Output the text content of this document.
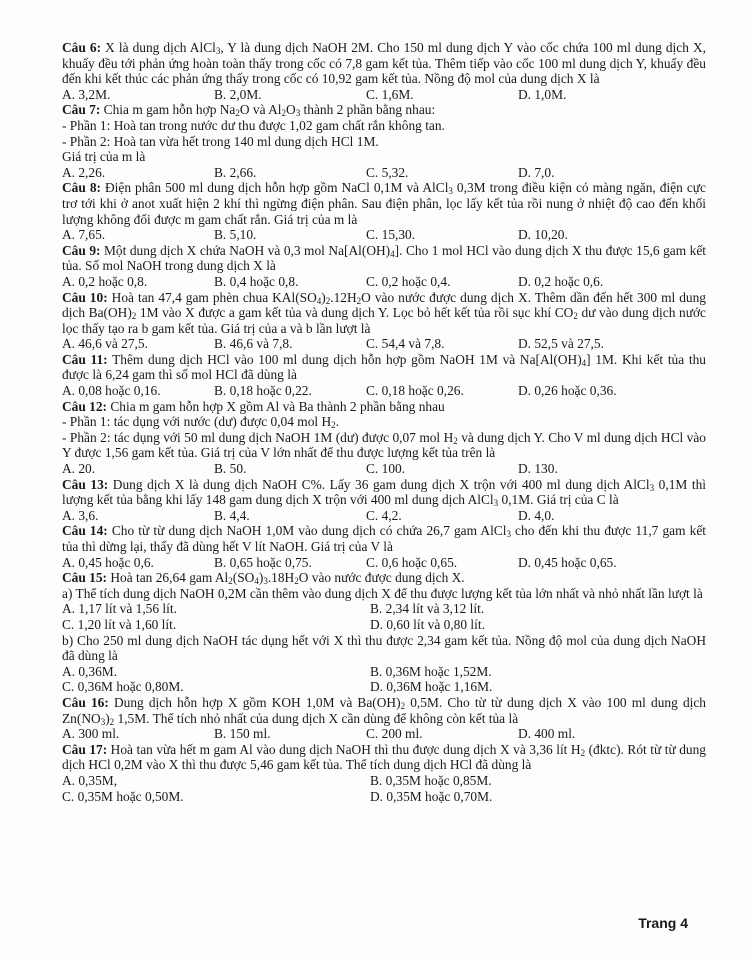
Câu 6: X là dung dịch AlCl$_3$, Y là dung dịch NaOH 2M. Cho 150 ml dung dịch Y vào cốc chứa 100 ml dung dịch X, khuấy đều tới phản ứng hoàn toàn thấy trong cốc có 7,8 gam kết tủa. Thêm tiếp vào cốc 100 ml dung dịch Y, khuấy đều đến khi kết thúc các phản ứng thấy trong cốc có 10,92 gam kết tủa. Nồng độ mol của dung dịch X là

A. 3,2M.	B. 2,0M.	C. 1,6M.	D. 1,0M.

Câu 7: Chia m gam hỗn hợp $Na_2O$ và $Al_2O_3$ thành 2 phần bằng nhau:

- Phần 1: Hoà tan trong nước dư thu được 1,02 gam chất rắn không tan.

- Phần 2: Hoà tan vừa hết trong 140 ml dung dịch HCl 1M.

Giá trị của m là

A. 2,26.	B. 2,66.	C. 5,32.	D. 7,0.

Câu 8: Điện phân 500 ml dung dịch hỗn hợp gồm NaCl 0,1M và AlCl$_3$ 0,3M trong điều kiện có màng ngăn, điện cực trơ tới khi ở anot xuất hiện 2 khí thì ngừng điện phân. Sau điện phân, lọc lấy kết tủa rồi nung ở nhiệt độ cao đến khối lượng không đổi được m gam chất rắn. Giá trị của m là

A. 7,65.	B. 5,10.	C. 15,30.	D. 10,20.

Câu 9: Một dung dịch X chứa NaOH và 0,3 mol $Na[Al(OH)_4]$. Cho 1 mol HCl vào dung dịch X thu được 15,6 gam kết tủa. Số mol NaOH trong dung dịch X là

A. 0,2 hoặc 0,8.	B. 0,4 hoặc 0,8.	C. 0,2 hoặc 0,4.	D. 0,2 hoặc 0,6.

Câu 10: Hoà tan 47,4 gam phèn chua $KAl(SO_4)_2.12H_2O$ vào nước được dung dịch X. Thêm dần đến hết 300 ml dung dịch $Ba(OH)_2$ 1M vào X được a gam kết tủa và dung dịch Y. Lọc bỏ hết kết tủa rồi sục khí $CO_2$ dư vào dung dịch nước lọc thấy tạo ra b gam kết tủa. Giá trị của a và b lần lượt là

A. 46,6 và 27,5.	B. 46,6 và 7,8.	C. 54,4 và 7,8.	D. 52,5 và 27,5.

Câu 11: Thêm dung dịch HCl vào 100 ml dung dịch hỗn hợp gồm NaOH 1M và $Na[Al(OH)_4]$ 1M. Khi kết tủa thu được là 6,24 gam thì số mol HCl đã dùng là

A. 0,08 hoặc 0,16.	B. 0,18 hoặc 0,22.	C. 0,18 hoặc 0,26.	D. 0,26 hoặc 0,36.

Câu 12: Chia m gam hỗn hợp X gồm Al và Ba thành 2 phần bằng nhau

- Phần 1: tác dụng với nước (dư) được 0,04 mol $H_2$.

- Phần 2: tác dụng với 50 ml dung dịch NaOH 1M (dư) được 0,07 mol $H_2$ và dung dịch Y. Cho V ml dung dịch HCl vào Y được 1,56 gam kết tủa. Giá trị của V lớn nhất để thu được lượng kết tủa trên là

A. 20.	B. 50.	C. 100.	D. 130.

Câu 13: Dung dịch X là dung dịch NaOH C%. Lấy 36 gam dung dịch X trộn với 400 ml dung dịch AlCl$_3$ 0,1M thì lượng kết tủa bằng khi lấy 148 gam dung dịch X trộn với 400 ml dung dịch AlCl$_3$ 0,1M. Giá trị của C là

A. 3,6.	B. 4,4.	C. 4,2.	D. 4,0.

Câu 14: Cho từ từ dung dịch NaOH 1,0M vào dung dịch có chứa 26,7 gam AlCl$_3$ cho đến khi thu được 11,7 gam kết tủa thì dừng lại, thấy đã dùng hết V lít NaOH. Giá trị của V là

A. 0,45 hoặc 0,6.	B. 0,65 hoặc 0,75.	C. 0,6 hoặc 0,65.	D. 0,45 hoặc 0,65.

Câu 15: Hoà tan 26,64 gam $Al_2(SO_4)_3.18H_2O$ vào nước được dung dịch X.

a) Thể tích dung dịch NaOH 0,2M cần thêm vào dung dịch X để thu được lượng kết tủa lớn nhất và nhỏ nhất lần lượt là

A. 1,17 lít và 1,56 lít.	B. 2,34 lít và 3,12 lít.
C. 1,20 lít và 1,60 lít.	D. 0,60 lít và 0,80 lít.

b) Cho 250 ml dung dịch NaOH tác dụng hết với X thì thu được 2,34 gam kết tủa. Nồng độ mol của dung dịch NaOH đã dùng là

A. 0,36M.	B. 0,36M hoặc 1,52M.
C. 0,36M hoặc 0,80M.	D. 0,36M hoặc 1,16M.

Câu 16: Dung dịch hỗn hợp X gồm KOH 1,0M và $Ba(OH)_2$ 0,5M. Cho từ từ dung dịch X vào 100 ml dung dịch $Zn(NO_3)_2$ 1,5M. Thể tích nhỏ nhất của dung dịch X cần dùng để không còn kết tủa là

A. 300 ml.	B. 150 ml.	C. 200 ml.	D. 400 ml.

Câu 17: Hoà tan vừa hết m gam Al vào dung dịch NaOH thì thu được dung dịch X và 3,36 lít $H_2$ (đktc). Rót từ từ dung dịch HCl 0,2M vào X thì thu được 5,46 gam kết tủa. Thể tích dung dịch HCl đã dùng là

A. 0,35M,	B. 0,35M hoặc 0,85M.
C. 0,35M hoặc 0,50M.	D. 0,35M hoặc 0,70M.
Trang 4
